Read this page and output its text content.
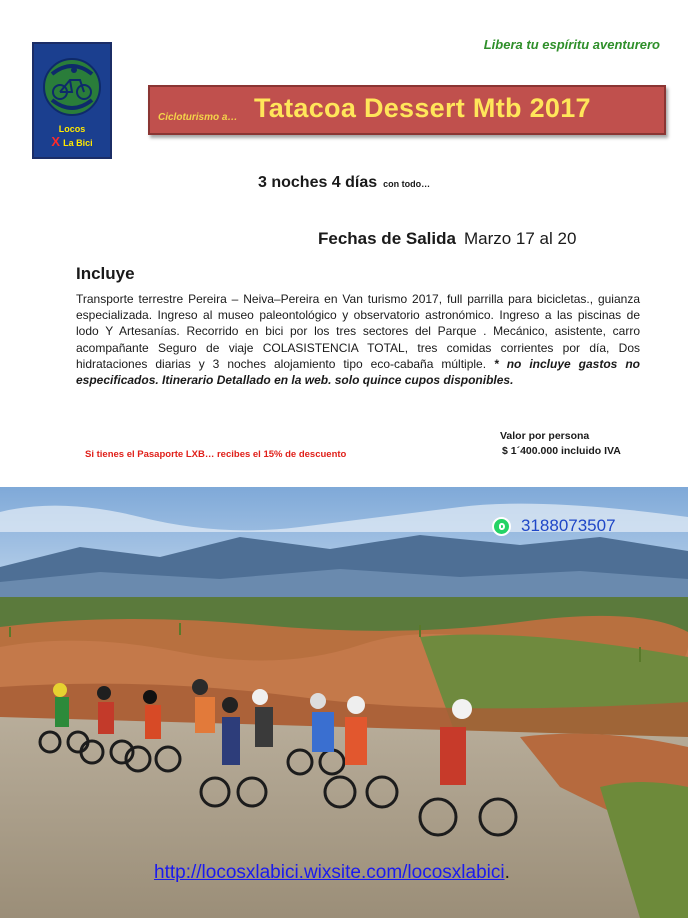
Locos
X La Bici
Libera tu espíritu aventurero
Cicloturismo a… Tatacoa Dessert Mtb 2017
3 noches 4 días con todo…
Fechas de Salida Marzo 17 al 20
Incluye
Transporte terrestre Pereira – Neiva–Pereira en Van turismo 2017, full parrilla para bicicletas., guianza especializada. Ingreso al museo paleontológico y observatorio astronómico. Ingreso a las piscinas de lodo Y Artesanías. Recorrido en bici por los tres sectores del Parque . Mecánico, asistente, carro acompañante Seguro de viaje COLASISTENCIA TOTAL, tres comidas corrientes por día, Dos hidrataciones diarias y 3 noches alojamiento tipo eco-cabaña múltiple. * no incluye gastos no especificados. Itinerario Detallado en la web. solo quince cupos disponibles.
Valor por persona
$ 1´400.000 incluido IVA
Si tienes el Pasaporte LXB… recibes el 15% de descuento
3188073507
http://locosxlabici.wixsite.com/locosxlabici.
